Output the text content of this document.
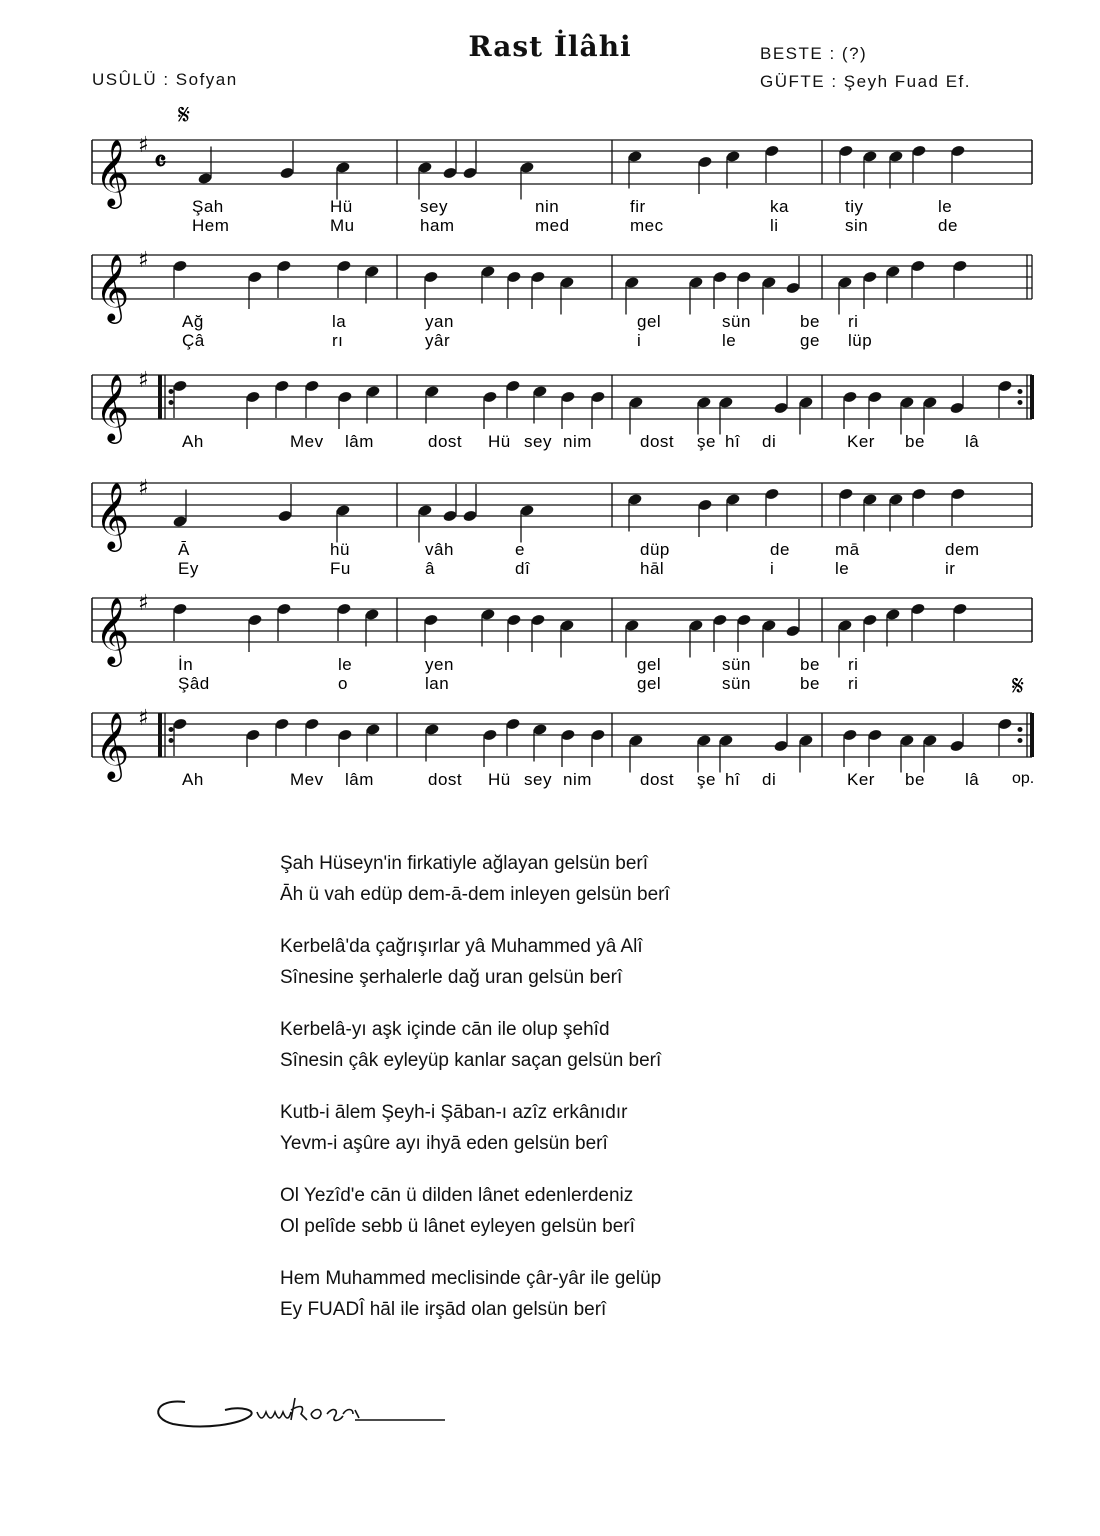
Rast İlâhi
USÛLÜ : Sofyan
BESTE : (?)
GÜFTE : Şeyh Fuad Ef.
𝄞 ♯ 𝄴
𝄋
Şah	Hü	sey	nin	fir	ka	tiy	le
Hem	Mu	ham	med	mec	li	sin	de
𝄞 ♯
Ağ	la	yan	gel	sün	be ri
Çâ	rı	yâr	i	le	ge lüp
𝄞 ♯
Ah	Mev lâm	dost Hü sey nim	dost şe hî di	Ker be lâ
𝄞 ♯
Ā	hü	vâh	e	düp	de	mā	dem
Ey	Fu	â	dî	hāl	i	le	ir
𝄞 ♯
İn	le	yen	gel	sün	be ri
Şâd	o	lan	gel	sün	be ri
𝄞 ♯
𝄋
op.
Ah	Mev lâm	dost Hü sey nim	dost şe hî di	Ker be lâ
Şah Hüseyn'in firkatiyle ağlayan gelsün berî
Āh ü vah edüp dem-ā-dem inleyen gelsün berî
Kerbelâ'da çağrışırlar yâ Muhammed yâ Alî
Sînesine şerhalerle dağ uran gelsün berî
Kerbelâ-yı aşk içinde cān ile olup şehîd
Sînesin çâk eyleyüp kanlar saçan gelsün berî
Kutb-i ālem Şeyh-i Şāban-ı azîz erkânıdır
Yevm-i aşûre ayı ihyā eden gelsün berî
Ol Yezîd'e cān ü dilden lânet edenlerdeniz
Ol pelîde sebb ü lânet eyleyen gelsün berî
Hem Muhammed meclisinde çâr-yâr ile gelüp
Ey FUADÎ hāl ile irşād olan gelsün berî
